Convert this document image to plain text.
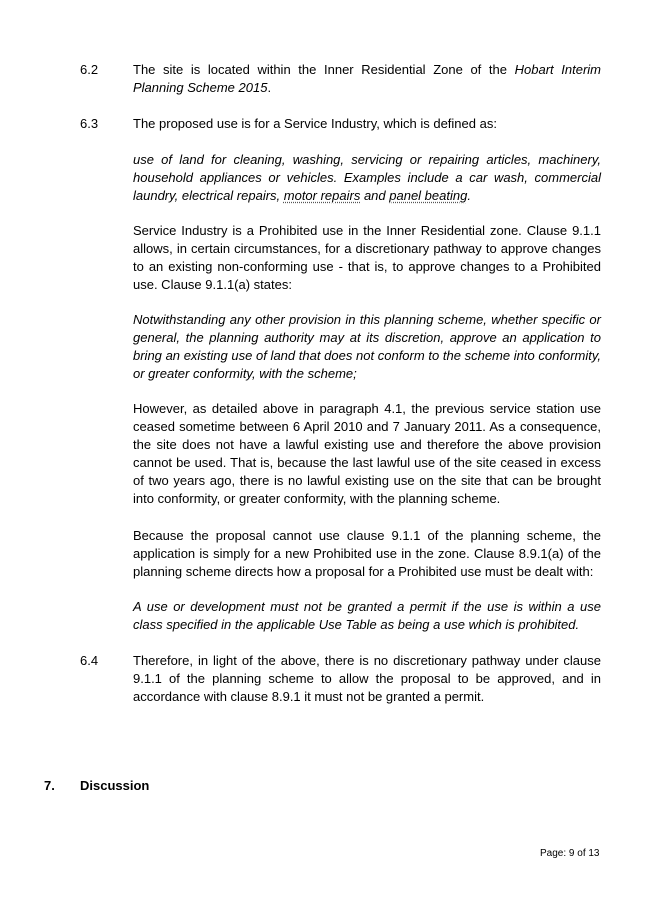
6.2	The site is located within the Inner Residential Zone of the Hobart Interim Planning Scheme 2015.

6.3	The proposed use is for a Service Industry, which is defined as:

use of land for cleaning, washing, servicing or repairing articles, machinery, household appliances or vehicles. Examples include a car wash, commercial laundry, electrical repairs, motor repairs and panel beating.

Service Industry is a Prohibited use in the Inner Residential zone. Clause 9.1.1 allows, in certain circumstances, for a discretionary pathway to approve changes to an existing non-conforming use - that is, to approve changes to a Prohibited use. Clause 9.1.1(a) states:

Notwithstanding any other provision in this planning scheme, whether specific or general, the planning authority may at its discretion, approve an application to bring an existing use of land that does not conform to the scheme into conformity, or greater conformity, with the scheme;

However, as detailed above in paragraph 4.1, the previous service station use ceased sometime between 6 April 2010 and 7 January 2011. As a consequence, the site does not have a lawful existing use and therefore the above provision cannot be used. That is, because the last lawful use of the site ceased in excess of two years ago, there is no lawful existing use on the site that can be brought into conformity, or greater conformity, with the planning scheme.

Because the proposal cannot use clause 9.1.1 of the planning scheme, the application is simply for a new Prohibited use in the zone. Clause 8.9.1(a) of the planning scheme directs how a proposal for a Prohibited use must be dealt with:

A use or development must not be granted a permit if the use is within a use class specified in the applicable Use Table as being a use which is prohibited.

6.4	Therefore, in light of the above, there is no discretionary pathway under clause 9.1.1 of the planning scheme to allow the proposal to be approved, and in accordance with clause 8.9.1 it must not be granted a permit.

7. Discussion
Page: 9 of 13
